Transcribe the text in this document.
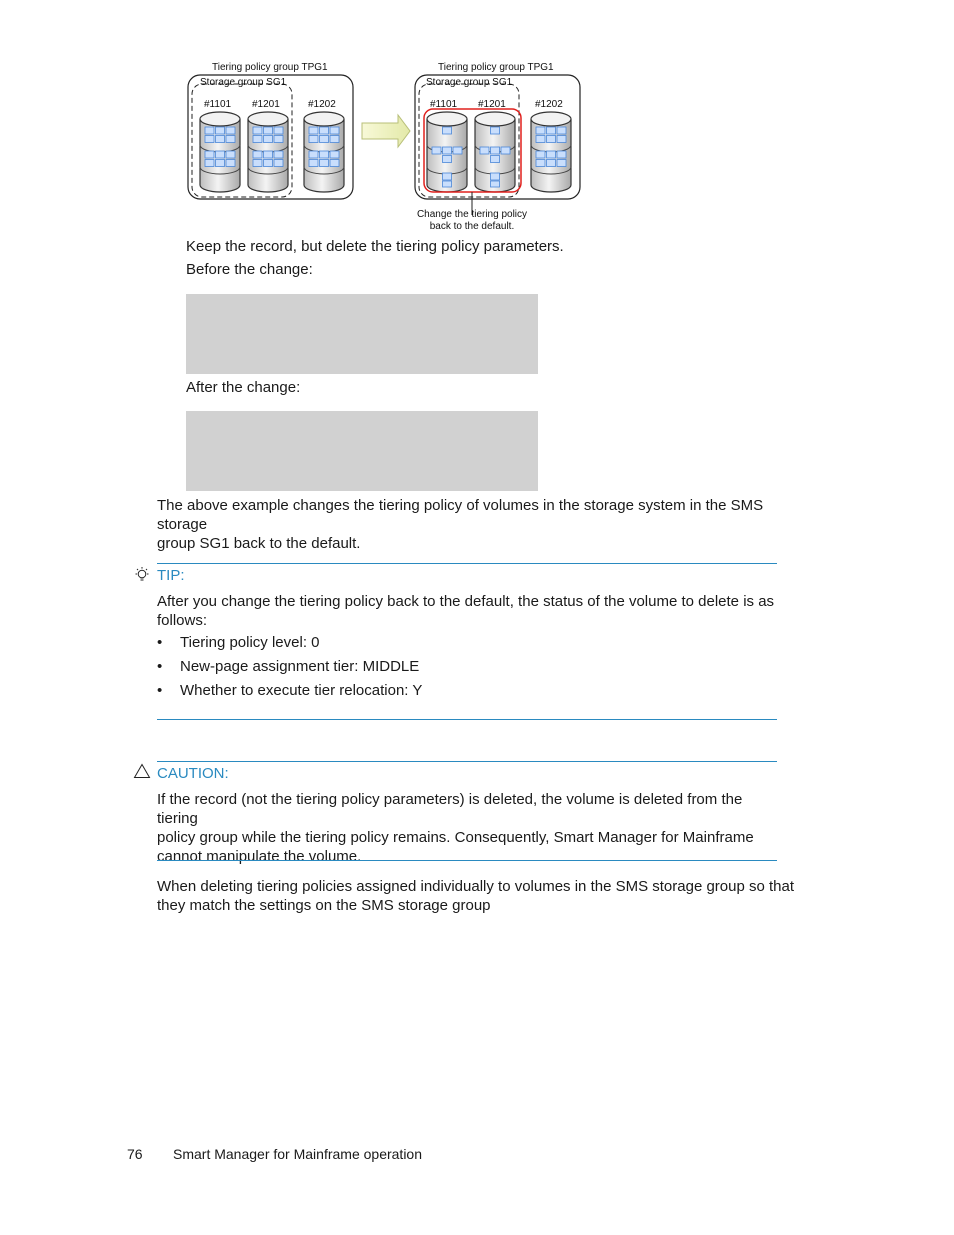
Tiering policy group TPG1
Storage group SG1
#1101 #1201	#1202
Tiering policy group TPG1
Storage group SG1
#1101 #1201	#1202
Change the tiering policy
back to the default.
Keep the record, but delete the tiering policy parameters.
Before the change:
After the change:
The above example changes the tiering policy of volumes in the storage system in the SMS storage
group SG1 back to the default.
TIP:
After you change the tiering policy back to the default, the status of the volume to delete is as
follows:
• Tiering policy level: 0
• New-page assignment tier: MIDDLE
• Whether to execute tier relocation: Y
CAUTION:
If the record (not the tiering policy parameters) is deleted, the volume is deleted from the tiering
policy group while the tiering policy remains. Consequently, Smart Manager for Mainframe
cannot manipulate the volume.
When deleting tiering policies assigned individually to volumes in the SMS storage group so that
they match the settings on the SMS storage group
76 Smart Manager for Mainframe operation
